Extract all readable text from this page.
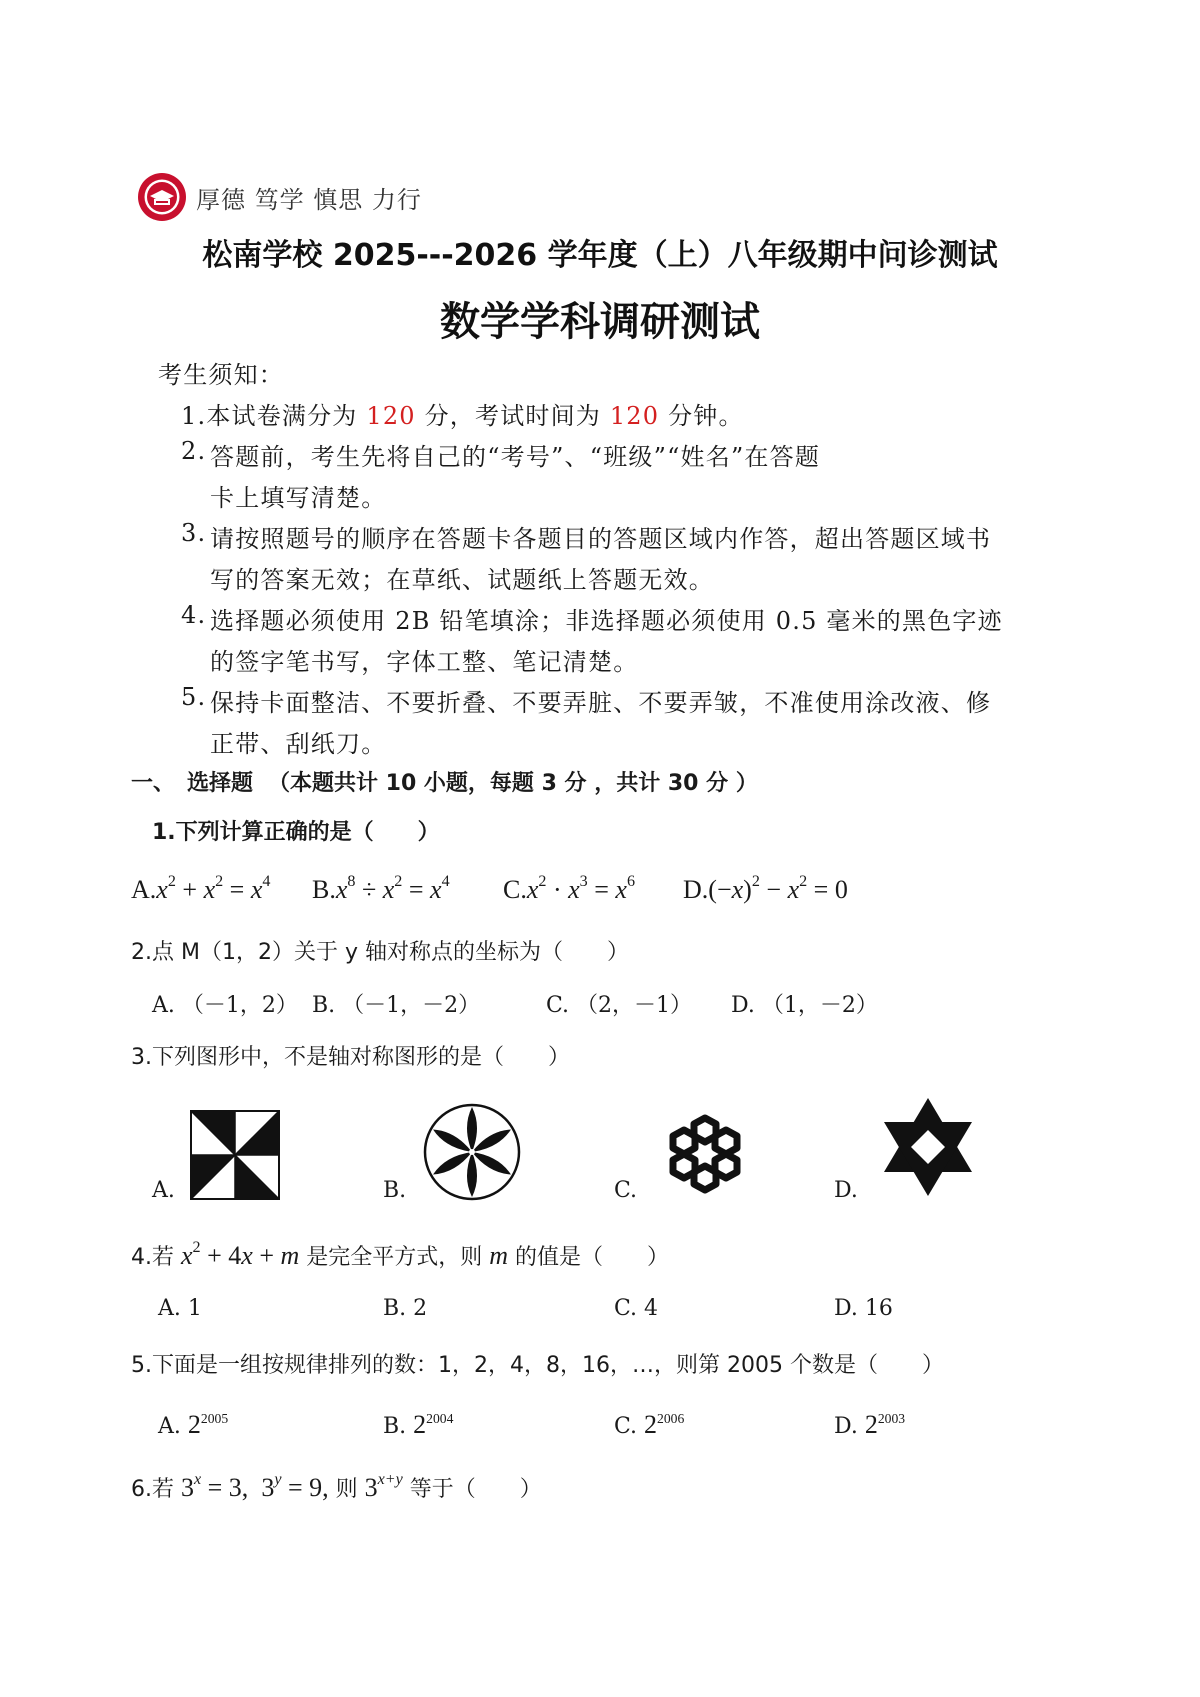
厚德 笃学 慎思 力行
松南学校 2025---2026 学年度（上）八年级期中问诊测试
数学学科调研测试
考生须知：
1.本试卷满分为 120 分，考试时间为 120 分钟。
2. 答题前，考生先将自己的“考号”、“班级”“姓名”在答题
卡上填写清楚。
3. 请按照题号的顺序在答题卡各题目的答题区域内作答，超出答题区域书
写的答案无效；在草纸、试题纸上答题无效。
4. 选择题必须使用 2B 铅笔填涂；非选择题必须使用 0.5 毫米的黑色字迹
的签字笔书写，字体工整、笔记清楚。
5. 保持卡面整洁、不要折叠、不要弄脏、不要弄皱，不准使用涂改液、修
正带、刮纸刀。
一、 选择题 （本题共计 10 小题，每题 3 分 ，共计 30 分 ）
1.下列计算正确的是（　　）
$A.x^2 + x^2 = x^4$ $B.x^8 \div x^2 = x^4$ $C.x^2 \cdot x^3 = x^6$ $D.(-x)^2 - x^2 = 0$
2.点 M（1，2）关于 y 轴对称点的坐标为（　　）
A. （－1，2） B. （－1，－2）	C. （2，－1） D. （1，－2）
3.下列图形中，不是轴对称图形的是（　　）
A.	B.	C.	D.
4.若 $x^2 + 4x + m$ 是完全平方式，则 m 的值是（　　）
A. 1	B. 2	C. 4	D. 16
5.下面是一组按规律排列的数：1，2，4，8，16，…，则第 2005 个数是（　　）
A. $2^{2005}$	B. $2^{2004}$	C. $2^{2006}$	D. $2^{2003}$
6.若 $3^x = 3$, $3^y = 9$, 则 $3^{x+y}$ 等于（　　）
